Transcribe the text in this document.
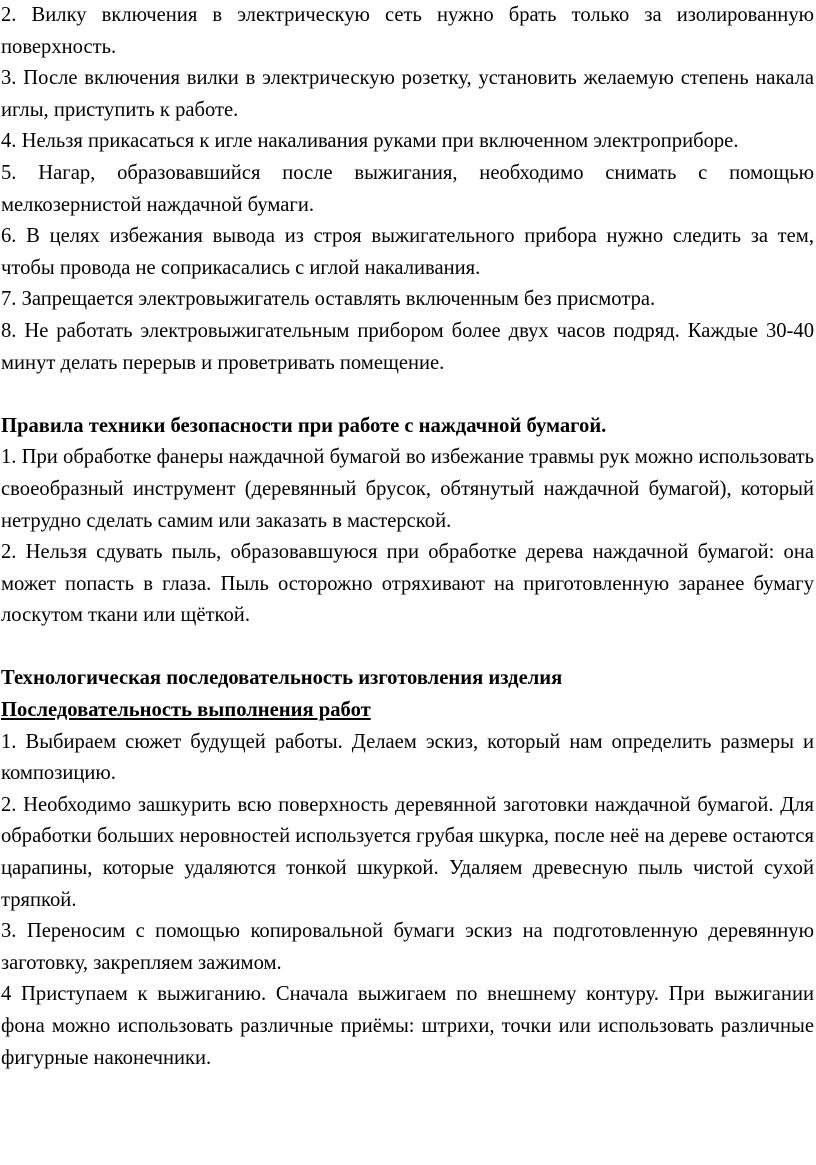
2. Вилку включения в электрическую сеть нужно брать только за изолированную поверхность.

3. После включения вилки в электрическую розетку, установить желаемую степень накала иглы, приступить к работе.

4. Нельзя прикасаться к игле накаливания руками при включенном электроприборе.

5. Нагар, образовавшийся после выжигания, необходимо снимать с помощью мелкозернистой наждачной бумаги.

6. В целях избежания вывода из строя выжигательного прибора нужно следить за тем, чтобы провода не соприкасались с иглой накаливания.

7. Запрещается электровыжигатель оставлять включенным без присмотра.

8. Не работать электровыжигательным прибором более двух часов подряд. Каждые 30-40 минут делать перерыв и проветривать помещение.

Правила техники безопасности при работе с наждачной бумагой.

1. При обработке фанеры наждачной бумагой во избежание травмы рук можно использовать своеобразный инструмент (деревянный брусок, обтянутый наждачной бумагой), который нетрудно сделать самим или заказать в мастерской.

2. Нельзя сдувать пыль, образовавшуюся при обработке дерева наждачной бумагой: она может попасть в глаза. Пыль осторожно отряхивают на приготовленную заранее бумагу лоскутом ткани или щёткой.

Технологическая последовательность изготовления изделия

Последовательность выполнения работ

1. Выбираем сюжет будущей работы. Делаем эскиз, который нам определить размеры и композицию.

2. Необходимо зашкурить всю поверхность деревянной заготовки наждачной бумагой. Для обработки больших неровностей используется грубая шкурка, после неё на дереве остаются царапины, которые удаляются тонкой шкуркой. Удаляем древесную пыль чистой сухой тряпкой.

3. Переносим с помощью копировальной бумаги эскиз на подготовленную деревянную заготовку, закрепляем зажимом.

4 Приступаем к выжиганию. Сначала выжигаем по внешнему контуру. При выжигании фона можно использовать различные приёмы: штрихи, точки или использовать различные фигурные наконечники.
